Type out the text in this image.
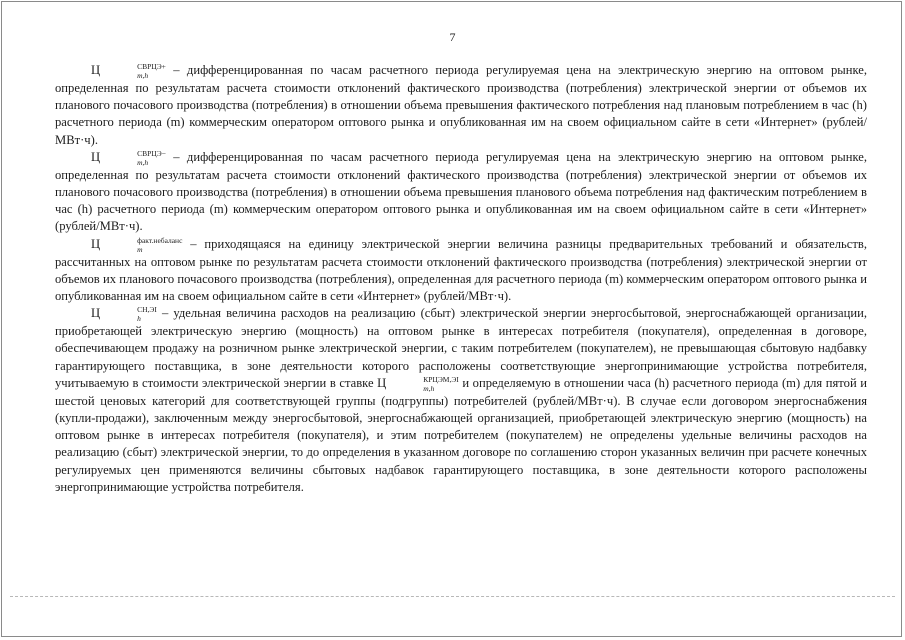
7

Ц	СВРЦЭ+
m,h	– дифференцированная по часам расчетного периода регулируемая цена на электрическую энергию на оптовом рынке, определенная по результатам расчета стоимости отклонений фактического производства (потребления) электрической энергии от объемов их планового почасового производства (потребления) в отношении объема превышения фактического потребления над плановым потреблением в час (h) расчетного периода (m) коммерческим оператором оптового рынка и опубликованная им на своем официальном сайте в сети «Интернет» (рублей/МВт·ч).

Ц	СВРЦЭ−
m,h	– дифференцированная по часам расчетного периода регулируемая цена на электрическую энергию на оптовом рынке, определенная по результатам расчета стоимости отклонений фактического производства (потребления) электрической энергии от объемов их планового почасового производства (потребления) в отношении объема превышения планового объема потребления над фактическим потреблением в час (h) расчетного периода (m) коммерческим оператором оптового рынка и опубликованная им на своем официальном сайте в сети «Интернет» (рублей/МВт·ч).

Ц	факт.небаланс
m	– приходящаяся на единицу электрической энергии величина разницы предварительных требований и обязательств, рассчитанных на оптовом рынке по результатам расчета стоимости отклонений фактического производства (потребления) электрической энергии от объемов их планового почасового производства (потребления), определенная для расчетного периода (m) коммерческим оператором оптового рынка и опубликованная им на своем официальном сайте в сети «Интернет» (рублей/МВт·ч).

Ц	СН,ЭI
h	– удельная величина расходов на реализацию (сбыт) электрической энергии энергосбытовой, энергоснабжающей организации, приобретающей электрическую энергию (мощность) на оптовом рынке в интересах потребителя (покупателя), определенная в договоре, обеспечивающем продажу на розничном рынке электрической энергии, с таким потребителем (покупателем), не превышающая сбытовую надбавку гарантирующего поставщика, в зоне деятельности которого расположены соответствующие энергопринимающие устройства потребителя, учитываемую в стоимости электрической энергии в ставке Ц	КРЦЭМ,ЭI
m,h	и определяемую в отношении часа (h) расчетного периода (m) для пятой и шестой ценовых категорий для соответствующей группы (подгруппы) потребителей (рублей/МВт·ч). В случае если договором энергоснабжения (купли-продажи), заключенным между энергосбытовой, энергоснабжающей организацией, приобретающей электрическую энергию (мощность) на оптовом рынке в интересах потребителя (покупателя), и этим потребителем (покупателем) не определены удельные величины расходов на реализацию (сбыт) электрической энергии, то до определения в указанном договоре по соглашению сторон указанных величин при расчете конечных регулируемых цен применяются величины сбытовых надбавок гарантирующего поставщика, в зоне деятельности которого расположены энергопринимающие устройства потребителя.
